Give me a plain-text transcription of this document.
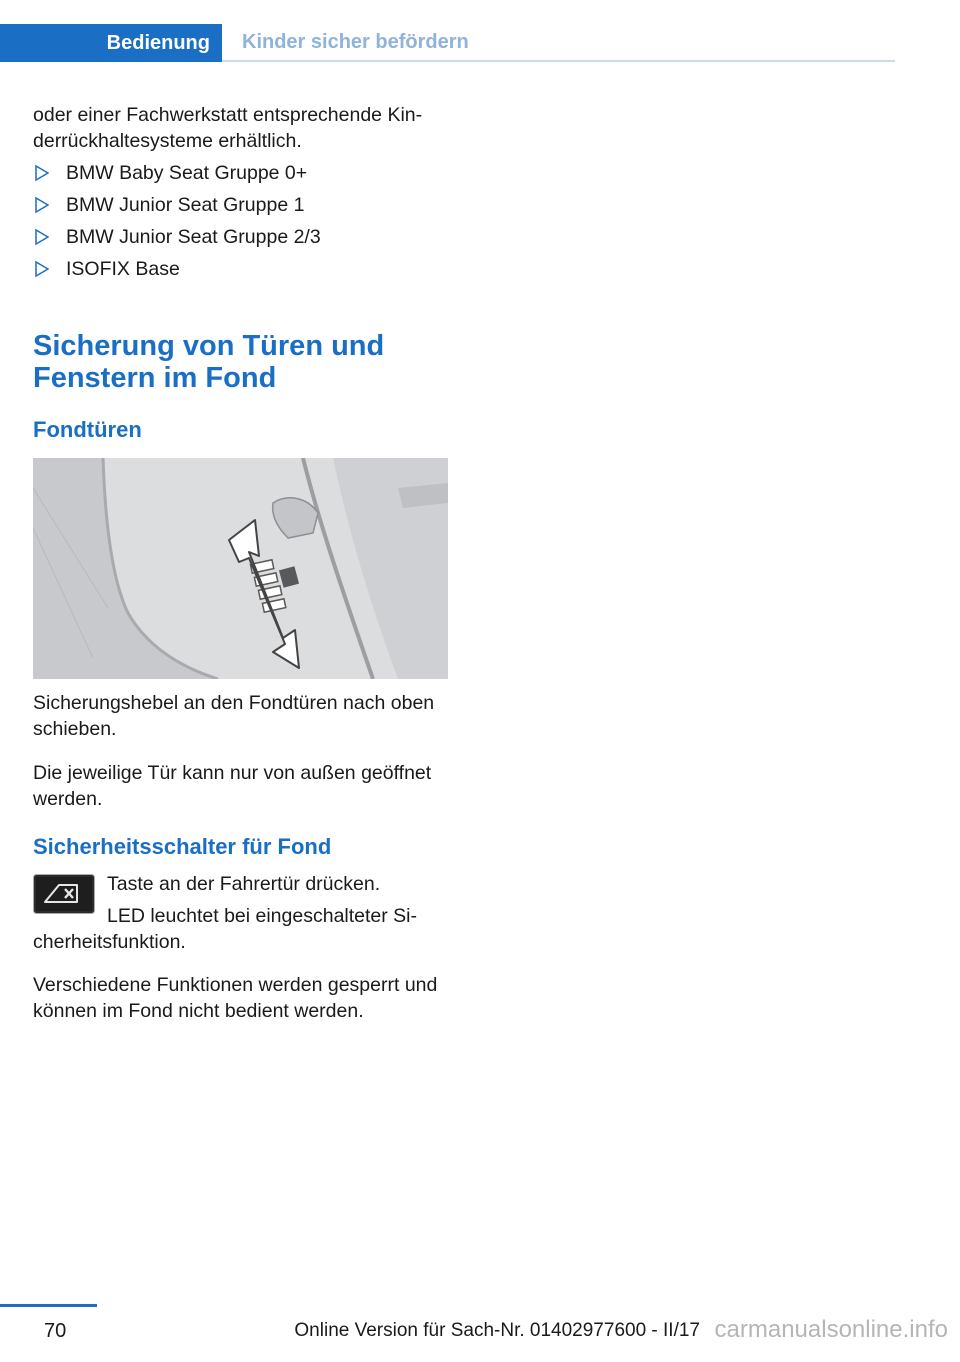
Bedienung	Kinder sicher befördern

oder einer Fachwerkstatt entsprechende Kin- derrückhaltesysteme erhältlich.

BMW Baby Seat Gruppe 0+
BMW Junior Seat Gruppe 1
BMW Junior Seat Gruppe 2/3
ISOFIX Base
Sicherung von Türen und Fenstern im Fond
Fondtüren

Sicherungshebel an den Fondtüren nach oben schieben.

Die jeweilige Tür kann nur von außen geöffnet werden.

Sicherheitsschalter für Fond

Taste an der Fahrertür drücken.

LED leuchtet bei eingeschalteter Si-

cherheitsfunktion.

Verschiedene Funktionen werden gesperrt und können im Fond nicht bedient werden.

70	Online Version für Sach-Nr. 01402977600 - II/17 carmanualsonline.info
